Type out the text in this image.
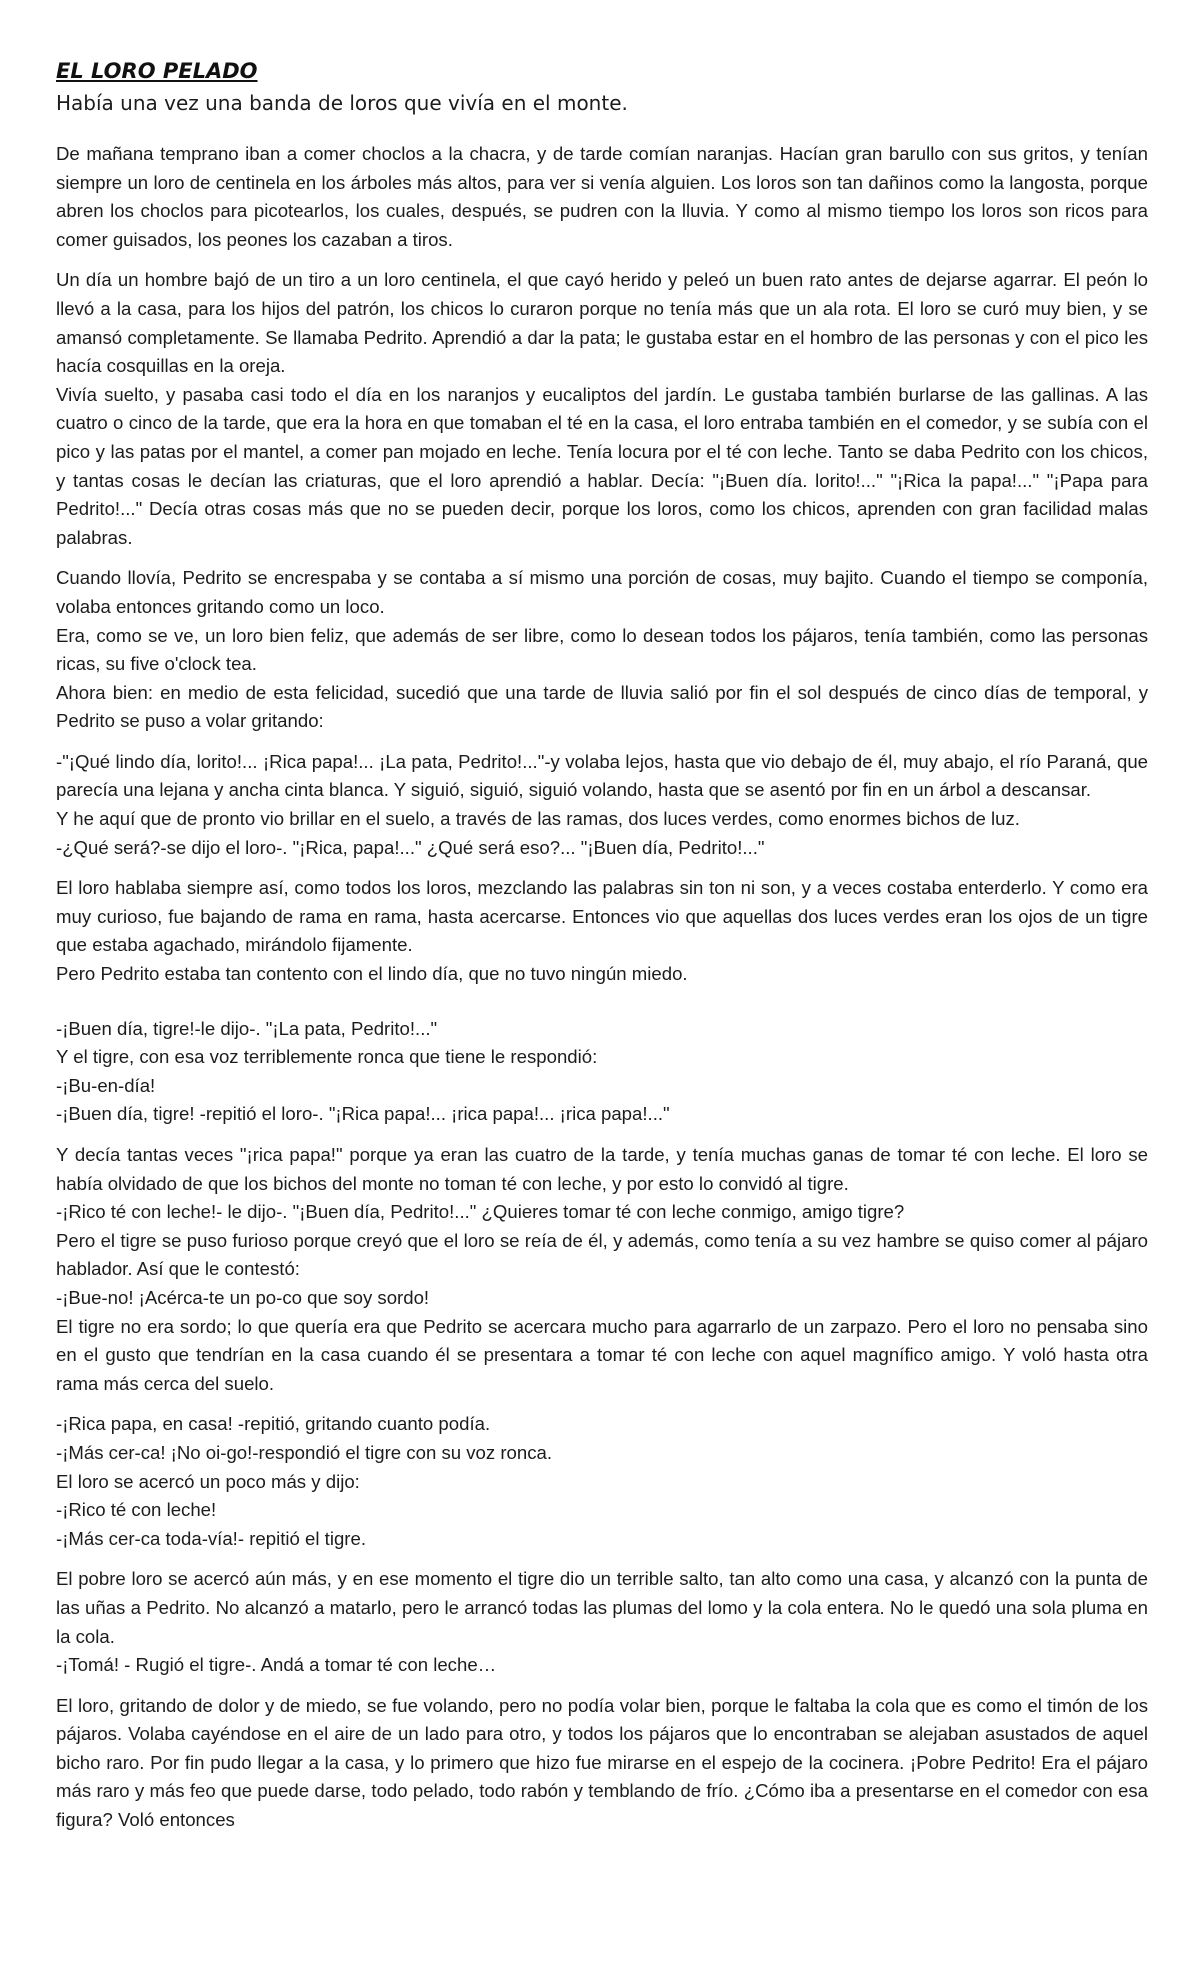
EL LORO PELADO
Había una vez una banda de loros que vivía en el monte.

De mañana temprano iban a comer choclos a la chacra, y de tarde comían naranjas. Hacían gran barullo con sus gritos, y tenían siempre un loro de centinela en los árboles más altos, para ver si venía alguien. Los loros son tan dañinos como la langosta, porque abren los choclos para picotearlos, los cuales, después, se pudren con la lluvia. Y como al mismo tiempo los loros son ricos para comer guisados, los peones los cazaban a tiros.

Un día un hombre bajó de un tiro a un loro centinela, el que cayó herido y peleó un buen rato antes de dejarse agarrar. El peón lo llevó a la casa, para los hijos del patrón, los chicos lo curaron porque no tenía más que un ala rota. El loro se curó muy bien, y se amansó completamente. Se llamaba Pedrito. Aprendió a dar la pata; le gustaba estar en el hombro de las personas y con el pico les hacía cosquillas en la oreja.
Vivía suelto, y pasaba casi todo el día en los naranjos y eucaliptos del jardín. Le gustaba también burlarse de las gallinas. A las cuatro o cinco de la tarde, que era la hora en que tomaban el té en la casa, el loro entraba también en el comedor, y se subía con el pico y las patas por el mantel, a comer pan mojado en leche. Tenía locura por el té con leche. Tanto se daba Pedrito con los chicos, y tantas cosas le decían las criaturas, que el loro aprendió a hablar. Decía: "¡Buen día. lorito!..." "¡Rica la papa!..." "¡Papa para Pedrito!..." Decía otras cosas más que no se pueden decir, porque los loros, como los chicos, aprenden con gran facilidad malas palabras.

Cuando llovía, Pedrito se encrespaba y se contaba a sí mismo una porción de cosas, muy bajito. Cuando el tiempo se componía, volaba entonces gritando como un loco.
Era, como se ve, un loro bien feliz, que además de ser libre, como lo desean todos los pájaros, tenía también, como las personas ricas, su five o'clock tea.
Ahora bien: en medio de esta felicidad, sucedió que una tarde de lluvia salió por fin el sol después de cinco días de temporal, y Pedrito se puso a volar gritando:

-"¡Qué lindo día, lorito!... ¡Rica papa!... ¡La pata, Pedrito!..."-y volaba lejos, hasta que vio debajo de él, muy abajo, el río Paraná, que parecía una lejana y ancha cinta blanca. Y siguió, siguió, siguió volando, hasta que se asentó por fin en un árbol a descansar.
Y he aquí que de pronto vio brillar en el suelo, a través de las ramas, dos luces verdes, como enormes bichos de luz.
-¿Qué será?-se dijo el loro-. "¡Rica, papa!..." ¿Qué será eso?... "¡Buen día, Pedrito!..."

El loro hablaba siempre así, como todos los loros, mezclando las palabras sin ton ni son, y a veces costaba enterderlo. Y como era muy curioso, fue bajando de rama en rama, hasta acercarse. Entonces vio que aquellas dos luces verdes eran los ojos de un tigre que estaba agachado, mirándolo fijamente.
Pero Pedrito estaba tan contento con el lindo día, que no tuvo ningún miedo.

-¡Buen día, tigre!-le dijo-. "¡La pata, Pedrito!..."
Y el tigre, con esa voz terriblemente ronca que tiene le respondió:
-¡Bu-en-día!
-¡Buen día, tigre! -repitió el loro-. "¡Rica papa!... ¡rica papa!... ¡rica papa!..."

Y decía tantas veces "¡rica papa!" porque ya eran las cuatro de la tarde, y tenía muchas ganas de tomar té con leche. El loro se había olvidado de que los bichos del monte no toman té con leche, y por esto lo convidó al tigre.
-¡Rico té con leche!- le dijo-. "¡Buen día, Pedrito!..." ¿Quieres tomar té con leche conmigo, amigo tigre?
Pero el tigre se puso furioso porque creyó que el loro se reía de él, y además, como tenía a su vez hambre se quiso comer al pájaro hablador. Así que le contestó:
-¡Bue-no! ¡Acérca-te un po-co que soy sordo!
El tigre no era sordo; lo que quería era que Pedrito se acercara mucho para agarrarlo de un zarpazo. Pero el loro no pensaba sino en el gusto que tendrían en la casa cuando él se presentara a tomar té con leche con aquel magnífico amigo. Y voló hasta otra rama más cerca del suelo.

-¡Rica papa, en casa! -repitió, gritando cuanto podía.
-¡Más cer-ca! ¡No oi-go!-respondió el tigre con su voz ronca.
El loro se acercó un poco más y dijo:
-¡Rico té con leche!
-¡Más cer-ca toda-vía!- repitió el tigre.

El pobre loro se acercó aún más, y en ese momento el tigre dio un terrible salto, tan alto como una casa, y alcanzó con la punta de las uñas a Pedrito. No alcanzó a matarlo, pero le arrancó todas las plumas del lomo y la cola entera. No le quedó una sola pluma en la cola.
-¡Tomá! - Rugió el tigre-. Andá a tomar té con leche…

El loro, gritando de dolor y de miedo, se fue volando, pero no podía volar bien, porque le faltaba la cola que es como el timón de los pájaros. Volaba cayéndose en el aire de un lado para otro, y todos los pájaros que lo encontraban se alejaban asustados de aquel bicho raro. Por fin pudo llegar a la casa, y lo primero que hizo fue mirarse en el espejo de la cocinera. ¡Pobre Pedrito! Era el pájaro más raro y más feo que puede darse, todo pelado, todo rabón y temblando de frío. ¿Cómo iba a presentarse en el comedor con esa figura? Voló entonces
